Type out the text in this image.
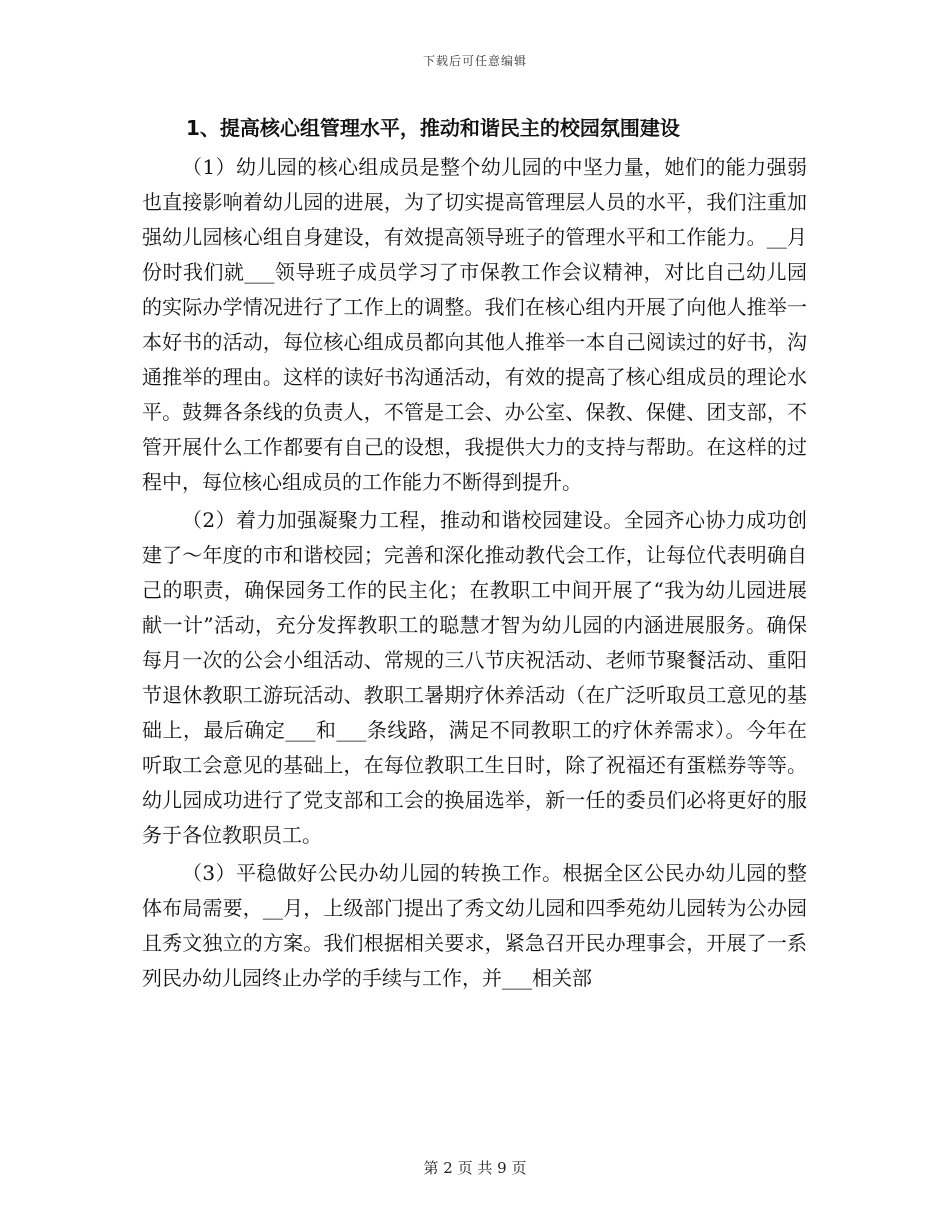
下载后可任意编辑
1、提高核心组管理水平，推动和谐民主的校园氛围建设

（1）幼儿园的核心组成员是整个幼儿园的中坚力量，她们的能力强弱也直接影响着幼儿园的进展，为了切实提高管理层人员的水平，我们注重加强幼儿园核心组自身建设，有效提高领导班子的管理水平和工作能力。__月份时我们就___领导班子成员学习了市保教工作会议精神，对比自己幼儿园的实际办学情况进行了工作上的调整。我们在核心组内开展了向他人推举一本好书的活动，每位核心组成员都向其他人推举一本自己阅读过的好书，沟通推举的理由。这样的读好书沟通活动，有效的提高了核心组成员的理论水平。鼓舞各条线的负责人，不管是工会、办公室、保教、保健、团支部，不管开展什么工作都要有自己的设想，我提供大力的支持与帮助。在这样的过程中，每位核心组成员的工作能力不断得到提升。

（2）着力加强凝聚力工程，推动和谐校园建设。全园齐心协力成功创建了～年度的市和谐校园；完善和深化推动教代会工作，让每位代表明确自己的职责，确保园务工作的民主化；在教职工中间开展了“我为幼儿园进展献一计”活动，充分发挥教职工的聪慧才智为幼儿园的内涵进展服务。确保每月一次的公会小组活动、常规的三八节庆祝活动、老师节聚餐活动、重阳节退休教职工游玩活动、教职工暑期疗休养活动（在广泛听取员工意见的基础上，最后确定___和___条线路，满足不同教职工的疗休养需求）。今年在听取工会意见的基础上，在每位教职工生日时，除了祝福还有蛋糕券等等。幼儿园成功进行了党支部和工会的换届选举，新一任的委员们必将更好的服务于各位教职员工。

（3）平稳做好公民办幼儿园的转换工作。根据全区公民办幼儿园的整体布局需要，__月，上级部门提出了秀文幼儿园和四季苑幼儿园转为公办园且秀文独立的方案。我们根据相关要求，紧急召开民办理事会，开展了一系列民办幼儿园终止办学的手续与工作，并___相关部

第 2 页 共 9 页
